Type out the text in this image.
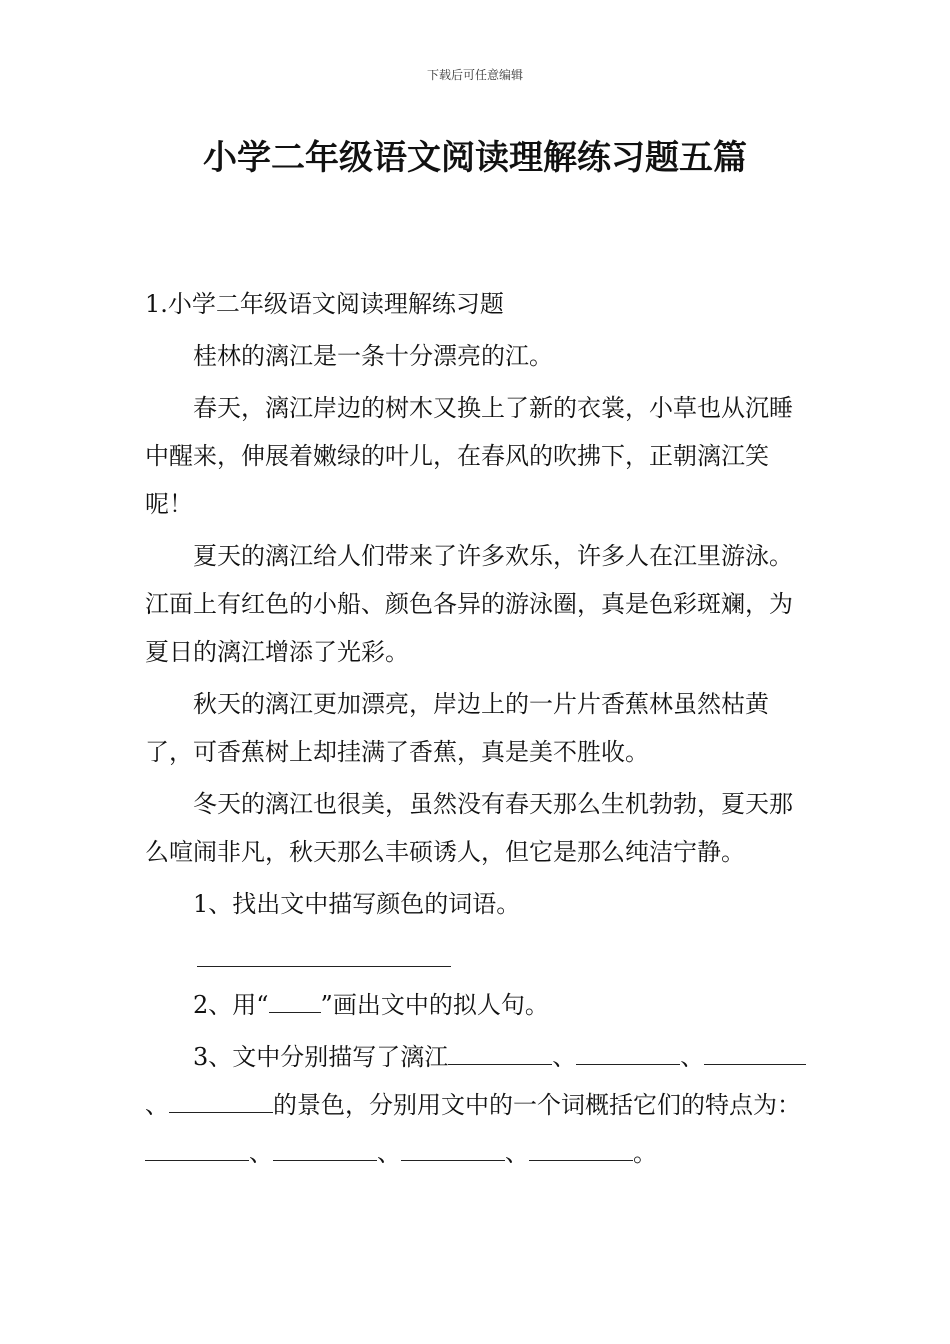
下载后可任意编辑
小学二年级语文阅读理解练习题五篇

1.小学二年级语文阅读理解练习题

桂林的漓江是一条十分漂亮的江。

春天，漓江岸边的树木又换上了新的衣裳，小草也从沉睡中醒来，伸展着嫩绿的叶儿，在春风的吹拂下，正朝漓江笑呢！

夏天的漓江给人们带来了许多欢乐，许多人在江里游泳。江面上有红色的小船、颜色各异的游泳圈，真是色彩斑斓，为夏日的漓江增添了光彩。

秋天的漓江更加漂亮，岸边上的一片片香蕉林虽然枯黄了，可香蕉树上却挂满了香蕉，真是美不胜收。

冬天的漓江也很美，虽然没有春天那么生机勃勃，夏天那么喧闹非凡，秋天那么丰硕诱人，但它是那么纯洁宁静。

1、找出文中描写颜色的词语。

2、用“ ”画出文中的拟人句。

3、文中分别描写了漓江	、	、、	的景色，分别用文中的一个词概括它们的特点为：、	、	、	。
